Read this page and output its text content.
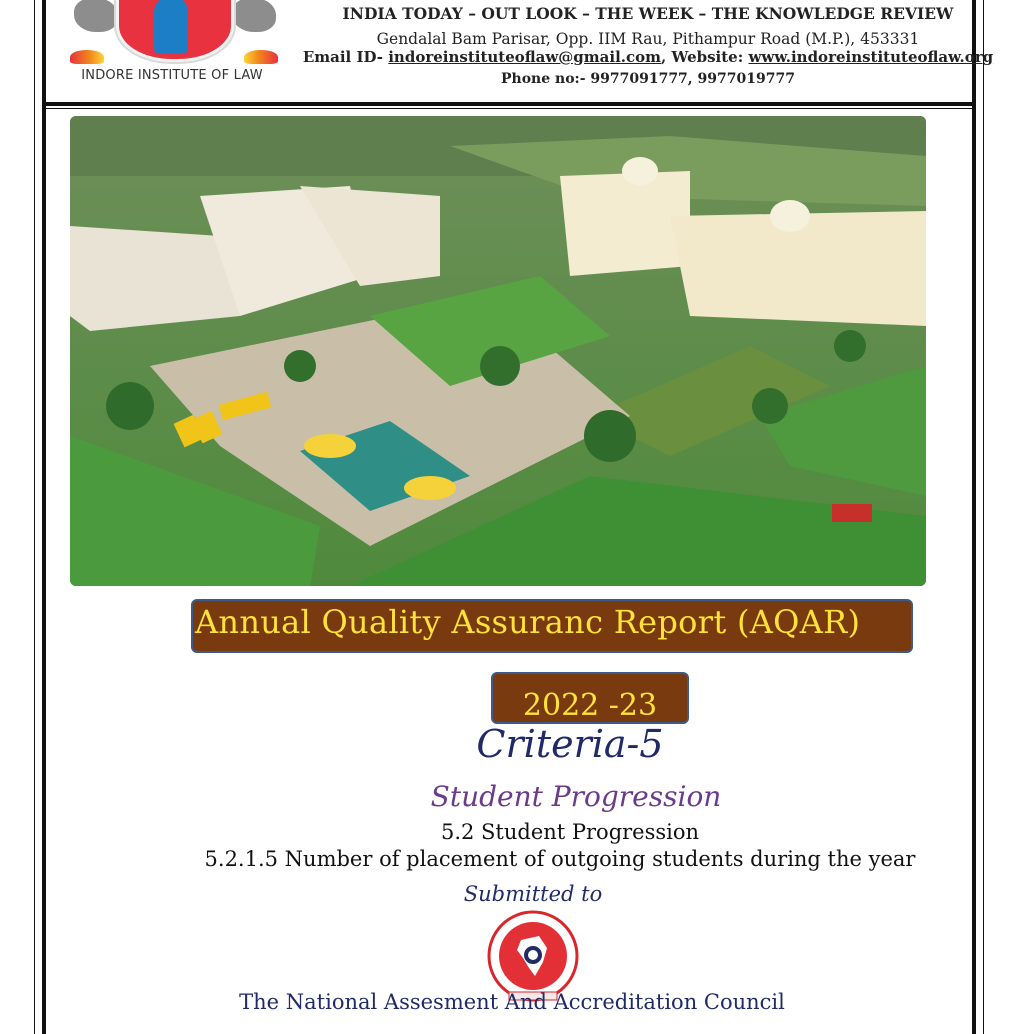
INDORE INSTITUTE OF LAW
INDIA TODAY – OUT LOOK – THE WEEK – THE KNOWLEDGE REVIEW
Gendalal Bam Parisar, Opp. IIM Rau, Pithampur Road (M.P.), 453331
Email ID- indoreinstituteoflaw@gmail.com, Website: www.indoreinstituteoflaw.org
Phone no:- 9977091777, 9977019777
Annual Quality Assuranc Report (AQAR)
2022 -23
Criteria-5
Student Progression
5.2 Student Progression
5.2.1.5 Number of placement of outgoing students during the year
Submitted to
The National Assesment And Accreditation Council
